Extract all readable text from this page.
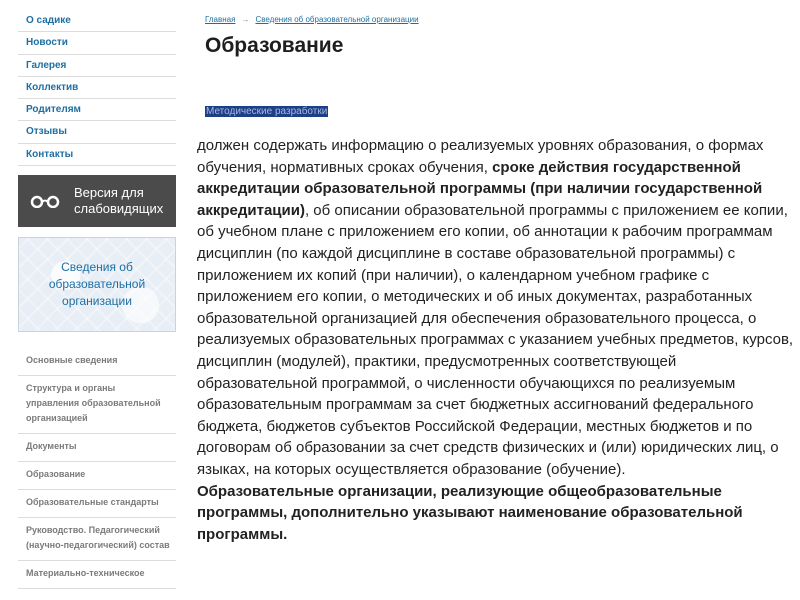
О садике
Новости
Галерея
Коллектив
Родителям
Отзывы
Контакты
Версия для
слабовидящих
Сведения об образовательной организации
Основные сведения
Структура и органы управления образовательной организацией
Документы
Образование
Образовательные стандарты
Руководство. Педагогический (научно-педагогический) состав
Материально-техническое
Главная → Сведения об образовательной организации
Образование
Методические разработки

должен содержать информацию о реализуемых уровнях образования, о формах обучения, нормативных сроках обучения, сроке действия государственной аккредитации образовательной программы (при наличии государственной аккредитации), об описании образовательной программы с приложением ее копии, об учебном плане с приложением его копии, об аннотации к рабочим программам дисциплин (по каждой дисциплине в составе образовательной программы) с приложением их копий (при наличии), о календарном учебном графике с приложением его копии, о методических и об иных документах, разработанных образовательной организацией для обеспечения образовательного процесса, о реализуемых образовательных программах с указанием учебных предметов, курсов, дисциплин (модулей), практики, предусмотренных соответствующей образовательной программой, о численности обучающихся по реализуемым образовательным программам за счет бюджетных ассигнований федерального бюджета, бюджетов субъектов Российской Федерации, местных бюджетов и по договорам об образовании за счет средств физических и (или) юридических лиц, о языках, на которых осуществляется образование (обучение).

Образовательные организации, реализующие общеобразовательные программы, дополнительно указывают наименование образовательной программы.
